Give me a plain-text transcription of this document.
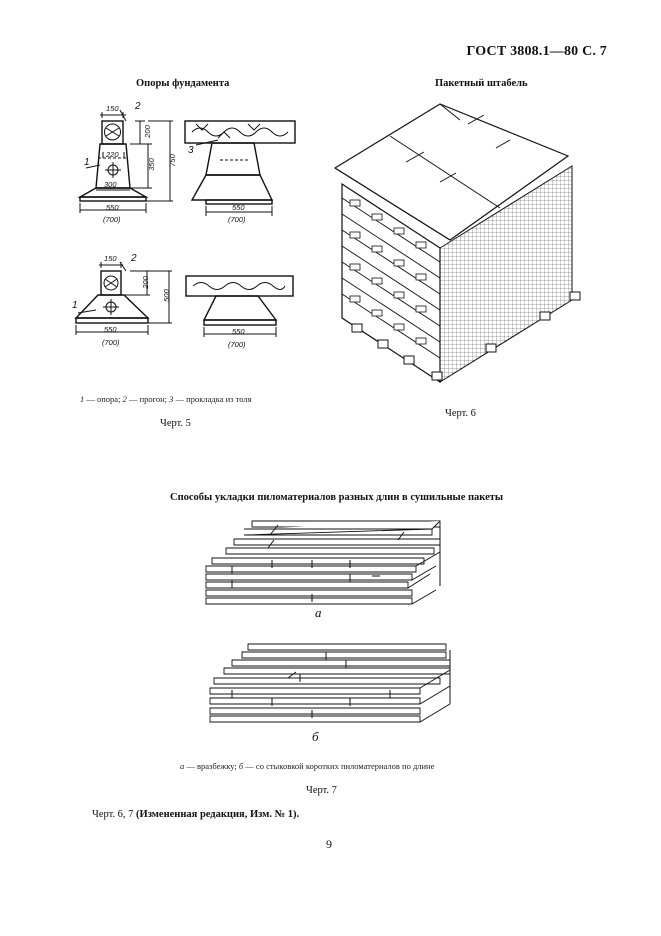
ГОСТ 3808.1—80 С. 7
Опоры фундамента
150 2
220
1
300
550
(700)
200
350 750
3
550
(700)
150 2
1
550
(700)
200
500
550
(700)
1 — опора; 2 — прогон; 3 — прокладка из толя
Черт. 5
Пакетный штабель
Черт. 6
Способы укладки пиломатериалов разных длин в сушильные пакеты
а
б
а — вразбежку; б — со стыковкой коротких пиломатериалов по длине
Черт. 7
Черт. 6, 7 (Измененная редакция, Изм. № 1).
9
